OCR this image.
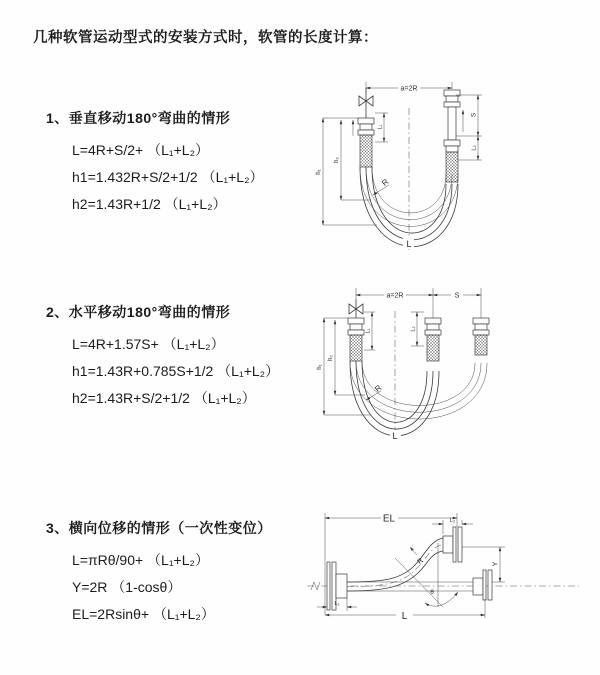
几种软管运动型式的安装方式时，软管的长度计算：
1、垂直移动180°弯曲的情形
L=4R+S/2+ （L₁+L₂）
h1=1.432R+S/2+1/2 （L₁+L₂）
h2=1.43R+1/2 （L₁+L₂）
2、水平移动180°弯曲的情形
L=4R+1.57S+ （L₁+L₂）
h1=1.43R+0.785S+1/2 （L₁+L₂）
h2=1.43R+S/2+1/2 （L₁+L₂）
3、横向位移的情形（一次性变位）
L=πRθ/90+ （L₁+L₂）
Y=2R （1-cosθ）
EL=2Rsinθ+ （L₁+L₂）
a=2R
h₁
h₂
L₁
S
L₂
R
L
a=2R	S
h₁
h₂
L₁	L₂
R
L
EL	L₂
Y
R
θ
L
L₁
